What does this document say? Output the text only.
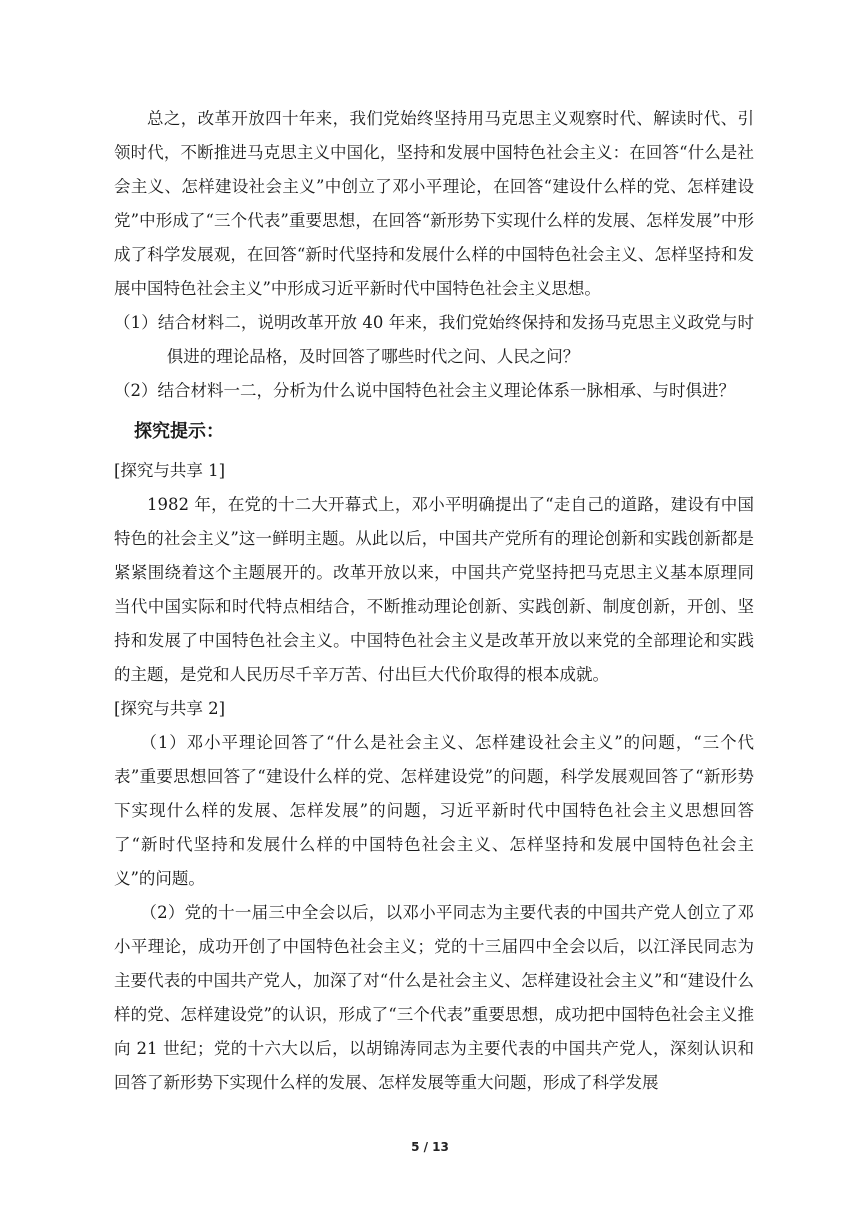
总之，改革开放四十年来，我们党始终坚持用马克思主义观察时代、解读时代、引领时代，不断推进马克思主义中国化，坚持和发展中国特色社会主义：在回答“什么是社会主义、怎样建设社会主义”中创立了邓小平理论，在回答“建设什么样的党、怎样建设党”中形成了“三个代表”重要思想，在回答“新形势下实现什么样的发展、怎样发展”中形成了科学发展观，在回答“新时代坚持和发展什么样的中国特色社会主义、怎样坚持和发展中国特色社会主义”中形成习近平新时代中国特色社会主义思想。

（1）结合材料二，说明改革开放 40 年来，我们党始终保持和发扬马克思主义政党与时俱进的理论品格，及时回答了哪些时代之问、人民之问？

（2）结合材料一二，分析为什么说中国特色社会主义理论体系一脉相承、与时俱进？

探究提示：

[探究与共享 1]

1982 年，在党的十二大开幕式上，邓小平明确提出了“走自己的道路，建设有中国特色的社会主义”这一鲜明主题。从此以后，中国共产党所有的理论创新和实践创新都是紧紧围绕着这个主题展开的。改革开放以来，中国共产党坚持把马克思主义基本原理同当代中国实际和时代特点相结合，不断推动理论创新、实践创新、制度创新，开创、坚持和发展了中国特色社会主义。中国特色社会主义是改革开放以来党的全部理论和实践的主题，是党和人民历尽千辛万苦、付出巨大代价取得的根本成就。

[探究与共享 2]

（1）邓小平理论回答了“什么是社会主义、怎样建设社会主义”的问题，“三个代表”重要思想回答了“建设什么样的党、怎样建设党”的问题，科学发展观回答了“新形势下实现什么样的发展、怎样发展”的问题，习近平新时代中国特色社会主义思想回答了“新时代坚持和发展什么样的中国特色社会主义、怎样坚持和发展中国特色社会主义”的问题。

（2）党的十一届三中全会以后，以邓小平同志为主要代表的中国共产党人创立了邓小平理论，成功开创了中国特色社会主义；党的十三届四中全会以后，以江泽民同志为主要代表的中国共产党人，加深了对“什么是社会主义、怎样建设社会主义”和“建设什么样的党、怎样建设党”的认识，形成了“三个代表”重要思想，成功把中国特色社会主义推向 21 世纪；党的十六大以后，以胡锦涛同志为主要代表的中国共产党人，深刻认识和回答了新形势下实现什么样的发展、怎样发展等重大问题，形成了科学发展

5 / 13
